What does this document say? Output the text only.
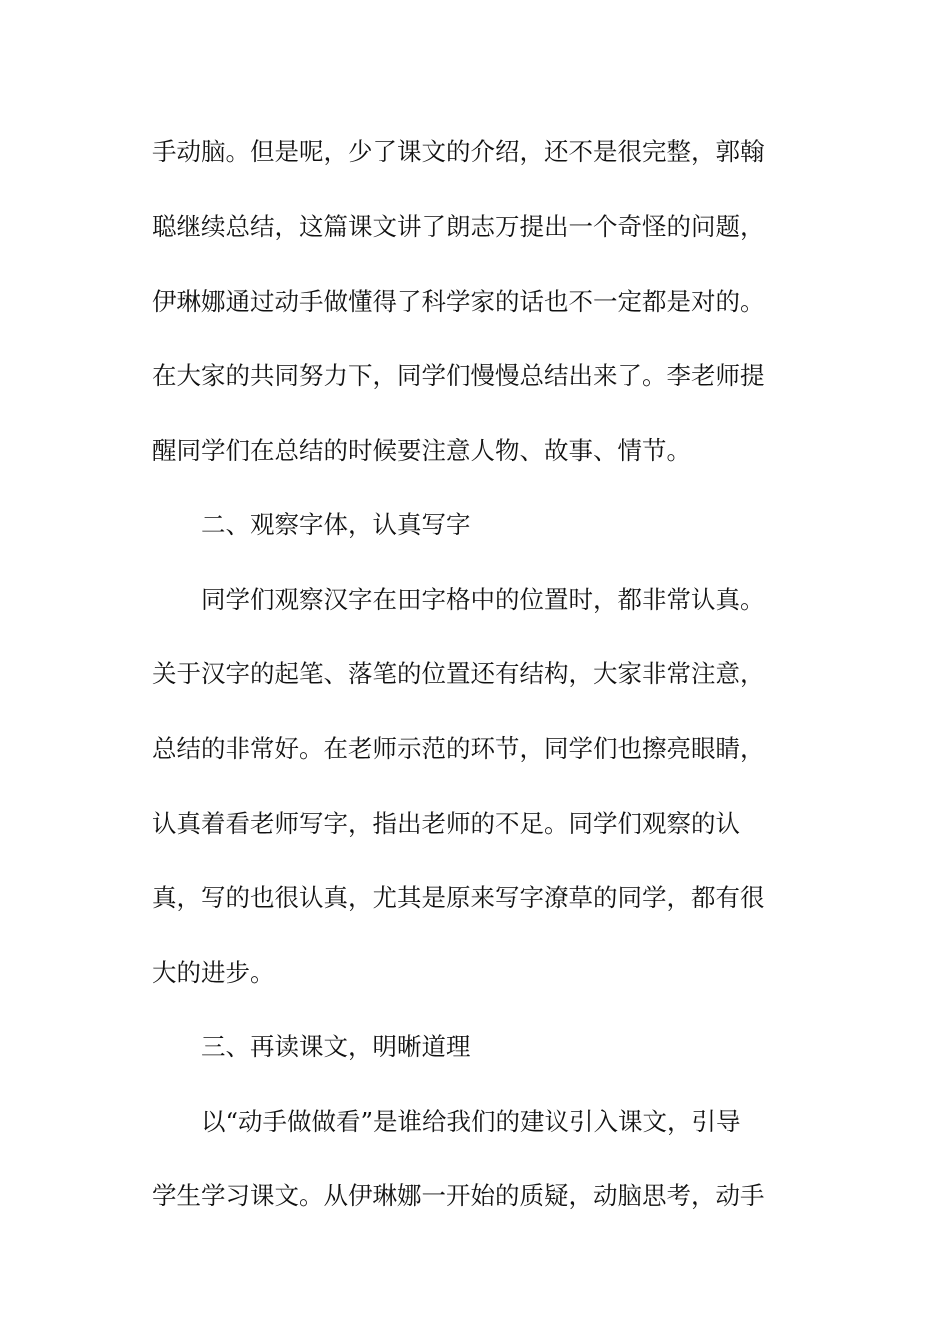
手动脑。但是呢，少了课文的介绍，还不是很完整，郭翰
聪继续总结，这篇课文讲了朗志万提出一个奇怪的问题，
伊琳娜通过动手做懂得了科学家的话也不一定都是对的。
在大家的共同努力下，同学们慢慢总结出来了。李老师提
醒同学们在总结的时候要注意人物、故事、情节。
二、观察字体，认真写字
同学们观察汉字在田字格中的位置时，都非常认真。
关于汉字的起笔、落笔的位置还有结构，大家非常注意，
总结的非常好。在老师示范的环节，同学们也擦亮眼睛，
认真着看老师写字，指出老师的不足。同学们观察的认
真，写的也很认真，尤其是原来写字潦草的同学，都有很
大的进步。
三、再读课文，明晰道理
以“动手做做看”是谁给我们的建议引入课文，引导
学生学习课文。从伊琳娜一开始的质疑，动脑思考，动手
